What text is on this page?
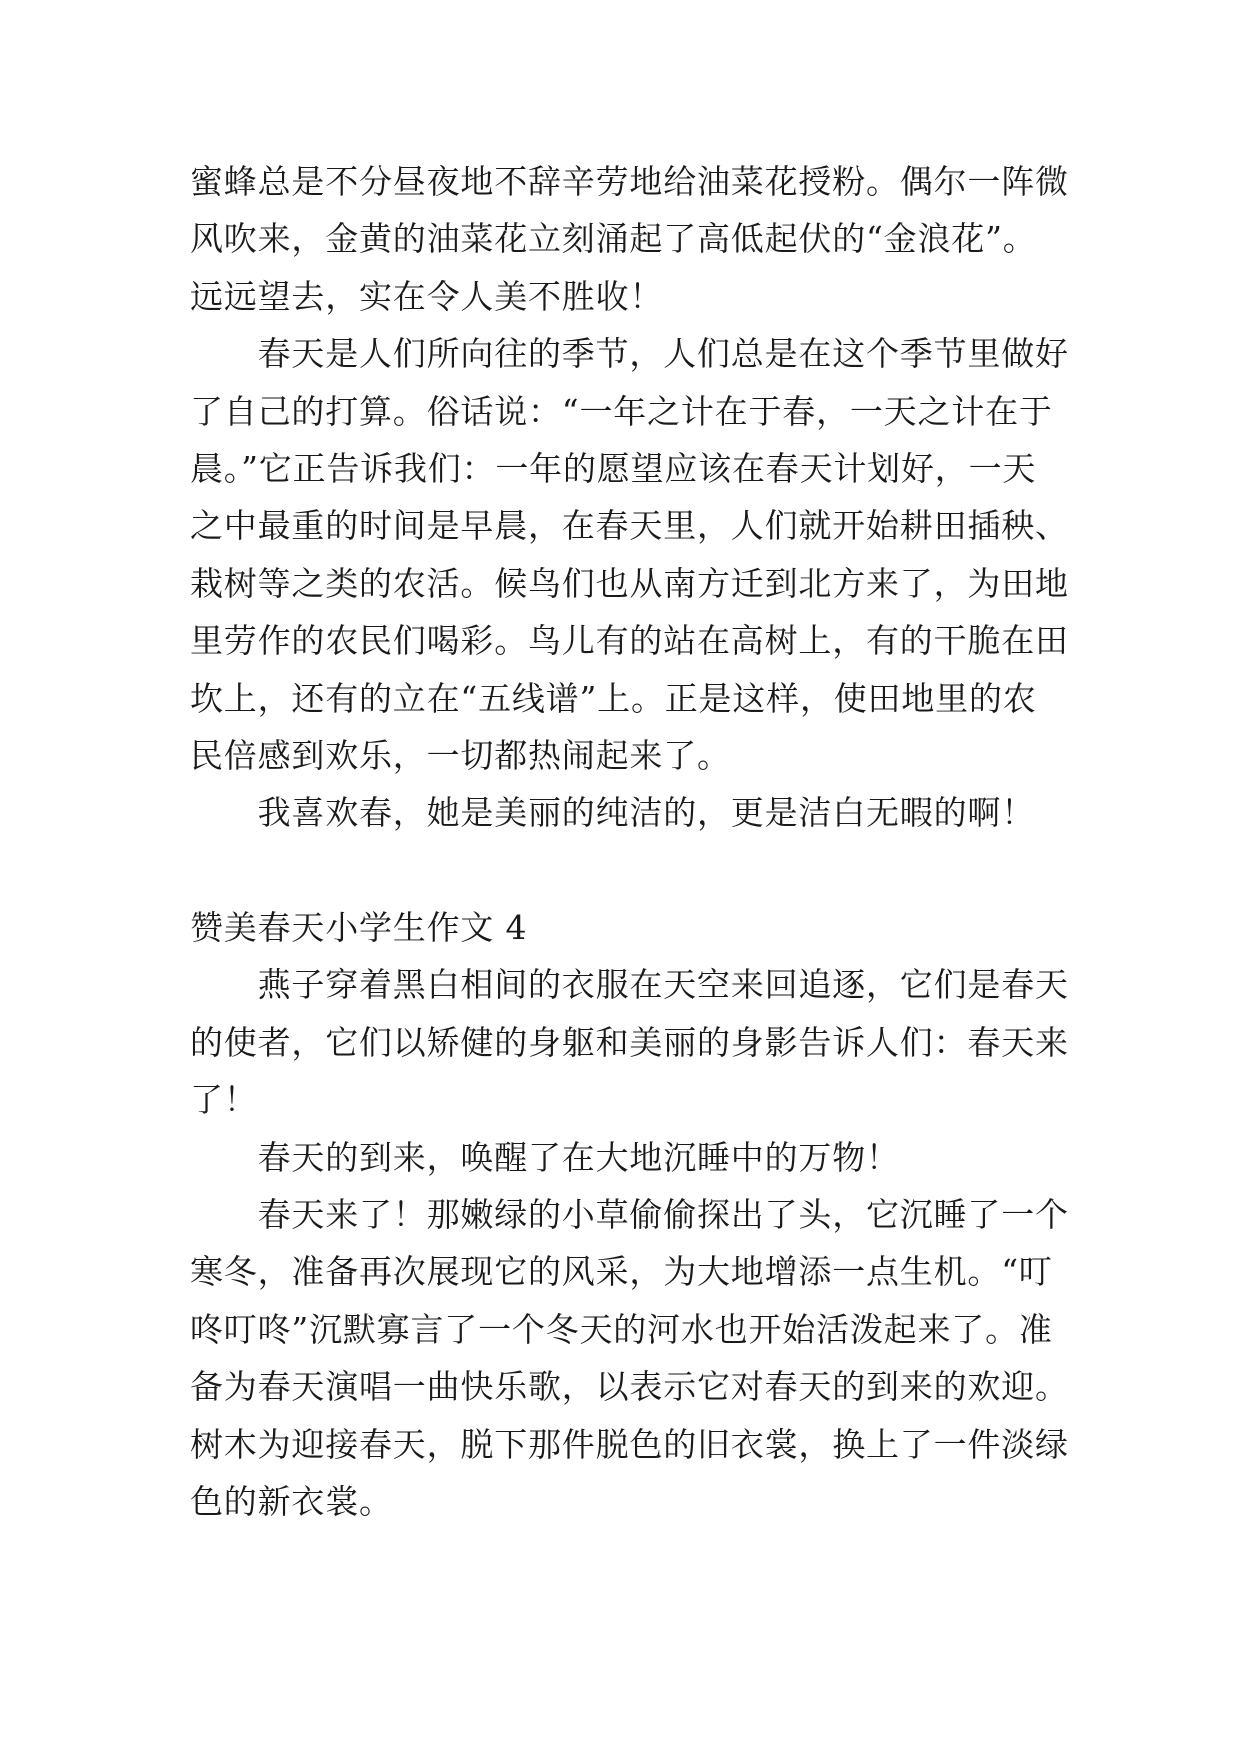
蜜蜂总是不分昼夜地不辞辛劳地给油菜花授粉。偶尔一阵微
风吹来，金黄的油菜花立刻涌起了高低起伏的“金浪花”。
远远望去，实在令人美不胜收！
春天是人们所向往的季节，人们总是在这个季节里做好
了自己的打算。俗话说：“一年之计在于春，一天之计在于
晨。”它正告诉我们：一年的愿望应该在春天计划好，一天
之中最重的时间是早晨，在春天里，人们就开始耕田插秧、
栽树等之类的农活。候鸟们也从南方迁到北方来了，为田地
里劳作的农民们喝彩。鸟儿有的站在高树上，有的干脆在田
坎上，还有的立在“五线谱”上。正是这样，使田地里的农
民倍感到欢乐，一切都热闹起来了。
我喜欢春，她是美丽的纯洁的，更是洁白无暇的啊！
赞美春天小学生作文 4
燕子穿着黑白相间的衣服在天空来回追逐，它们是春天
的使者，它们以矫健的身躯和美丽的身影告诉人们：春天来
了！
春天的到来，唤醒了在大地沉睡中的万物！
春天来了！那嫩绿的小草偷偷探出了头，它沉睡了一个
寒冬，准备再次展现它的风采，为大地增添一点生机。“叮
咚叮咚”沉默寡言了一个冬天的河水也开始活泼起来了。准
备为春天演唱一曲快乐歌，以表示它对春天的到来的欢迎。
树木为迎接春天，脱下那件脱色的旧衣裳，换上了一件淡绿
色的新衣裳。
